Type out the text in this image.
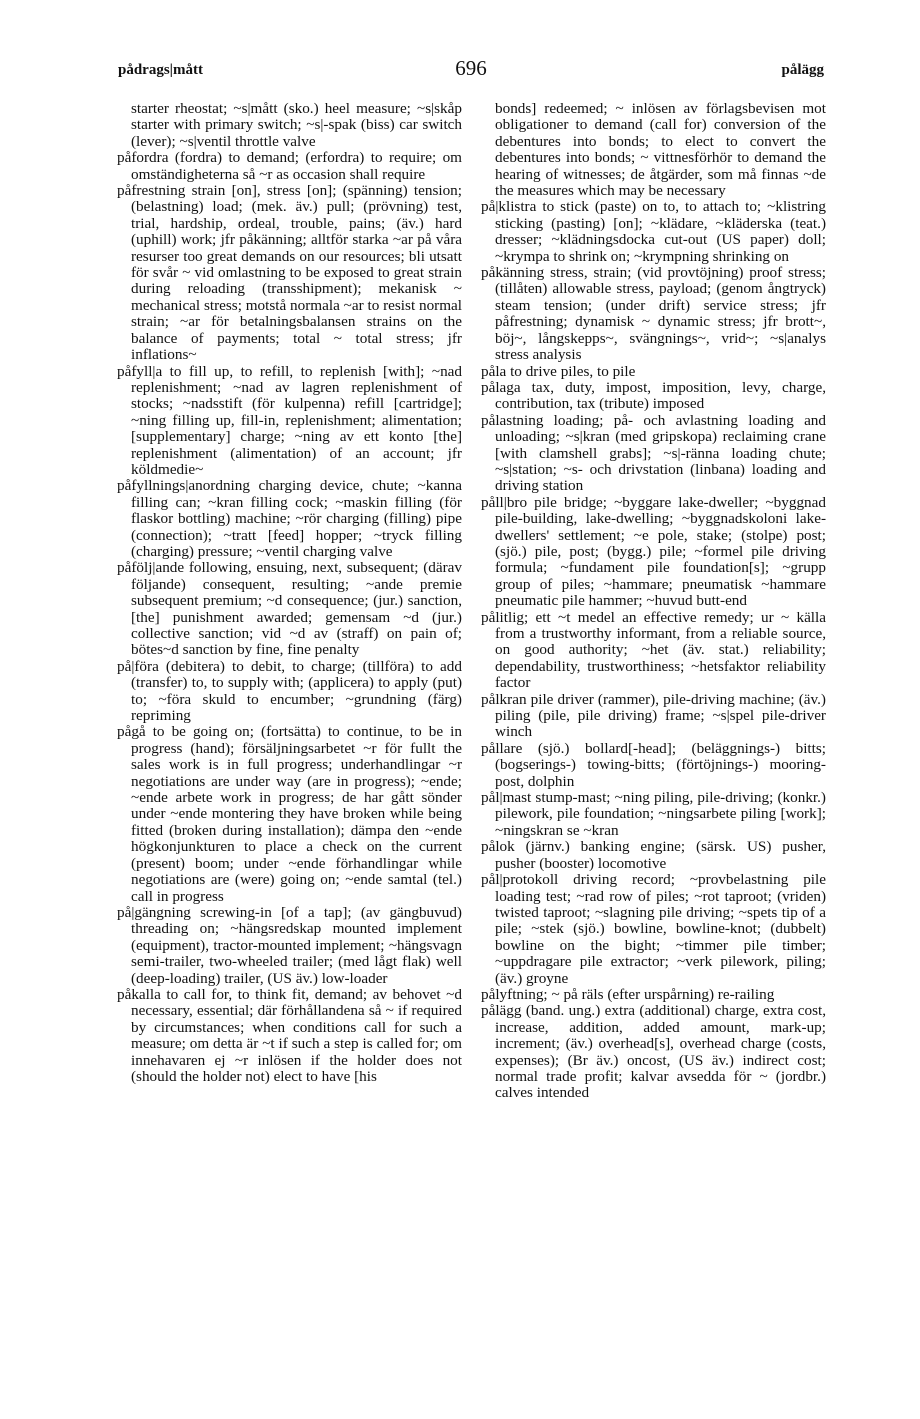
pådrags|mått	696	pålägg

starter rheostat; ~s|mått (sko.) heel measure; ~s|skåp starter with primary switch; ~s|-spak (biss) car switch (lever); ~s|ventil throttle valve

påfordra (fordra) to demand; (erfordra) to require; om omständigheterna så ~r as occasion shall require

påfrestning strain [on], stress [on]; (spänning) tension; (belastning) load; (mek. äv.) pull; (prövning) test, trial, hardship, ordeal, trouble, pains; (äv.) hard (uphill) work; jfr påkänning; alltför starka ~ar på våra resurser too great demands on our resources; bli utsatt för svår ~ vid omlastning to be exposed to great strain during reloading (transshipment); mekanisk ~ mechanical stress; motstå normala ~ar to resist normal strain; ~ar för betalningsbalansen strains on the balance of payments; total ~ total stress; jfr inflations~

påfyll|a to fill up, to refill, to replenish [with]; ~nad replenishment; ~nad av lagren replenishment of stocks; ~nadsstift (för kulpenna) refill [cartridge]; ~ning filling up, fill-in, replenishment; alimentation; [supplementary] charge; ~ning av ett konto [the] replenishment (alimentation) of an account; jfr köldmedie~

påfyllnings|anordning charging device, chute; ~kanna filling can; ~kran filling cock; ~maskin filling (för flaskor bottling) machine; ~rör charging (filling) pipe (connection); ~tratt [feed] hopper; ~tryck filling (charging) pressure; ~ventil charging valve

påfölj|ande following, ensuing, next, subsequent; (därav följande) consequent, resulting; ~ande premie subsequent premium; ~d consequence; (jur.) sanction, [the] punishment awarded; gemensam ~d (jur.) collective sanction; vid ~d av (straff) on pain of; bötes~d sanction by fine, fine penalty

på|föra (debitera) to debit, to charge; (tillföra) to add (transfer) to, to supply with; (applicera) to apply (put) to; ~föra skuld to encumber; ~grundning (färg) repriming

pågå to be going on; (fortsätta) to continue, to be in progress (hand); försäljningsarbetet ~r för fullt the sales work is in full progress; underhandlingar ~r negotiations are under way (are in progress); ~ende; ~ende arbete work in progress; de har gått sönder under ~ende montering they have broken while being fitted (broken during installation); dämpa den ~ende högkonjunkturen to place a check on the current (present) boom; under ~ende förhandlingar while negotiations are (were) going on; ~ende samtal (tel.) call in progress

på|gängning screwing-in [of a tap]; (av gängbuvud) threading on; ~hängsredskap mounted implement (equipment), tractor-mounted implement; ~hängsvagn semi-trailer, two-wheeled trailer; (med lågt flak) well (deep-loading) trailer, (US äv.) low-loader

påkalla to call for, to think fit, demand; av behovet ~d necessary, essential; där förhållandena så ~ if required by circumstances; when conditions call for such a measure; om detta är ~t if such a step is called for; om innehavaren ej ~r inlösen if the holder does not (should the holder not) elect to have [his

bonds] redeemed; ~ inlösen av förlagsbevisen mot obligationer to demand (call for) conversion of the debentures into bonds; to elect to convert the debentures into bonds; ~ vittnesförhör to demand the hearing of witnesses; de åtgärder, som må finnas ~de the measures which may be necessary

på|klistra to stick (paste) on to, to attach to; ~klistring sticking (pasting) [on]; ~klädare, ~kläderska (teat.) dresser; ~klädningsdocka cut-out (US paper) doll; ~krympa to shrink on; ~krympning shrinking on

påkänning stress, strain; (vid provtöjning) proof stress; (tillåten) allowable stress, payload; (genom ångtryck) steam tension; (under drift) service stress; jfr påfrestning; dynamisk ~ dynamic stress; jfr brott~, böj~, långskepps~, svängnings~, vrid~; ~s|analys stress analysis

påla to drive piles, to pile

pålaga tax, duty, impost, imposition, levy, charge, contribution, tax (tribute) imposed

pålastning loading; på- och avlastning loading and unloading; ~s|kran (med gripskopa) reclaiming crane [with clamshell grabs]; ~s|-ränna loading chute; ~s|station; ~s- och drivstation (linbana) loading and driving station

påll|bro pile bridge; ~byggare lake-dweller; ~byggnad pile-building, lake-dwelling; ~byggnadskoloni lake-dwellers' settlement; ~e pole, stake; (stolpe) post; (sjö.) pile, post; (bygg.) pile; ~formel pile driving formula; ~fundament pile foundation[s]; ~grupp group of piles; ~hammare; pneumatisk ~hammare pneumatic pile hammer; ~huvud butt-end

pålitlig; ett ~t medel an effective remedy; ur ~ källa from a trustworthy informant, from a reliable source, on good authority; ~het (äv. stat.) reliability; dependability, trustworthiness; ~hetsfaktor reliability factor

pålkran pile driver (rammer), pile-driving machine; (äv.) piling (pile, pile driving) frame; ~s|spel pile-driver winch

pållare (sjö.) bollard[-head]; (beläggnings-) bitts; (bogserings-) towing-bitts; (förtöjnings-) mooring-post, dolphin

pål|mast stump-mast; ~ning piling, pile-driving; (konkr.) pilework, pile foundation; ~ningsarbete piling [work]; ~ningskran se ~kran

pålok (järnv.) banking engine; (särsk. US) pusher, pusher (booster) locomotive

pål|protokoll driving record; ~provbelastning pile loading test; ~rad row of piles; ~rot taproot; (vriden) twisted taproot; ~slagning pile driving; ~spets tip of a pile; ~stek (sjö.) bowline, bowline-knot; (dubbelt) bowline on the bight; ~timmer pile timber; ~uppdragare pile extractor; ~verk pilework, piling; (äv.) groyne

pålyftning; ~ på räls (efter urspårning) re-railing

pålägg (band. ung.) extra (additional) charge, extra cost, increase, addition, added amount, mark-up; increment; (äv.) overhead[s], overhead charge (costs, expenses); (Br äv.) oncost, (US äv.) indirect cost; normal trade profit; kalvar avsedda för ~ (jordbr.) calves intended
